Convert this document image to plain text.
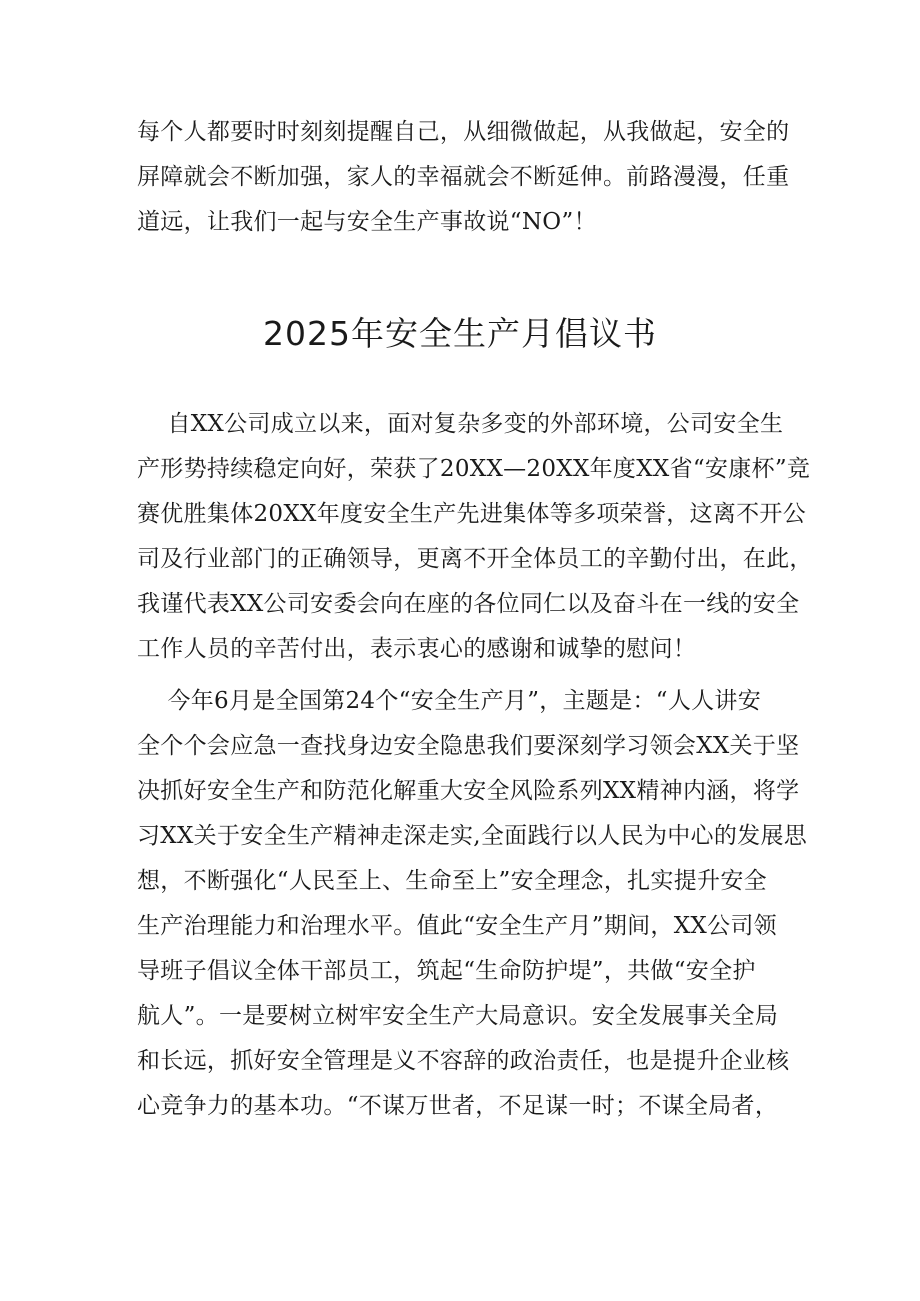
每个人都要时时刻刻提醒自己，从细微做起，从我做起，安全的
屏障就会不断加强，家人的幸福就会不断延伸。前路漫漫，任重
道远，让我们一起与安全生产事故说“NO”！
2025年安全生产月倡议书
自XX公司成立以来，面对复杂多变的外部环境，公司安全生
产形势持续稳定向好，荣获了20XX—20XX年度XX省“安康杯”竞
赛优胜集体20XX年度安全生产先进集体等多项荣誉，这离不开公
司及行业部门的正确领导，更离不开全体员工的辛勤付出，在此，
我谨代表XX公司安委会向在座的各位同仁以及奋斗在一线的安全
工作人员的辛苦付出，表示衷心的感谢和诚挚的慰问！
今年6月是全国第24个“安全生产月”，主题是：“人人讲安
全个个会应急一查找身边安全隐患我们要深刻学习领会XX关于坚
决抓好安全生产和防范化解重大安全风险系列XX精神内涵，将学
习XX关于安全生产精神走深走实,全面践行以人民为中心的发展思
想，不断强化“人民至上、生命至上”安全理念，扎实提升安全
生产治理能力和治理水平。值此“安全生产月”期间，XX公司领
导班子倡议全体干部员工，筑起“生命防护堤”，共做“安全护
航人”。一是要树立树牢安全生产大局意识。安全发展事关全局
和长远，抓好安全管理是义不容辞的政治责任，也是提升企业核
心竞争力的基本功。“不谋万世者，不足谋一时；不谋全局者，
